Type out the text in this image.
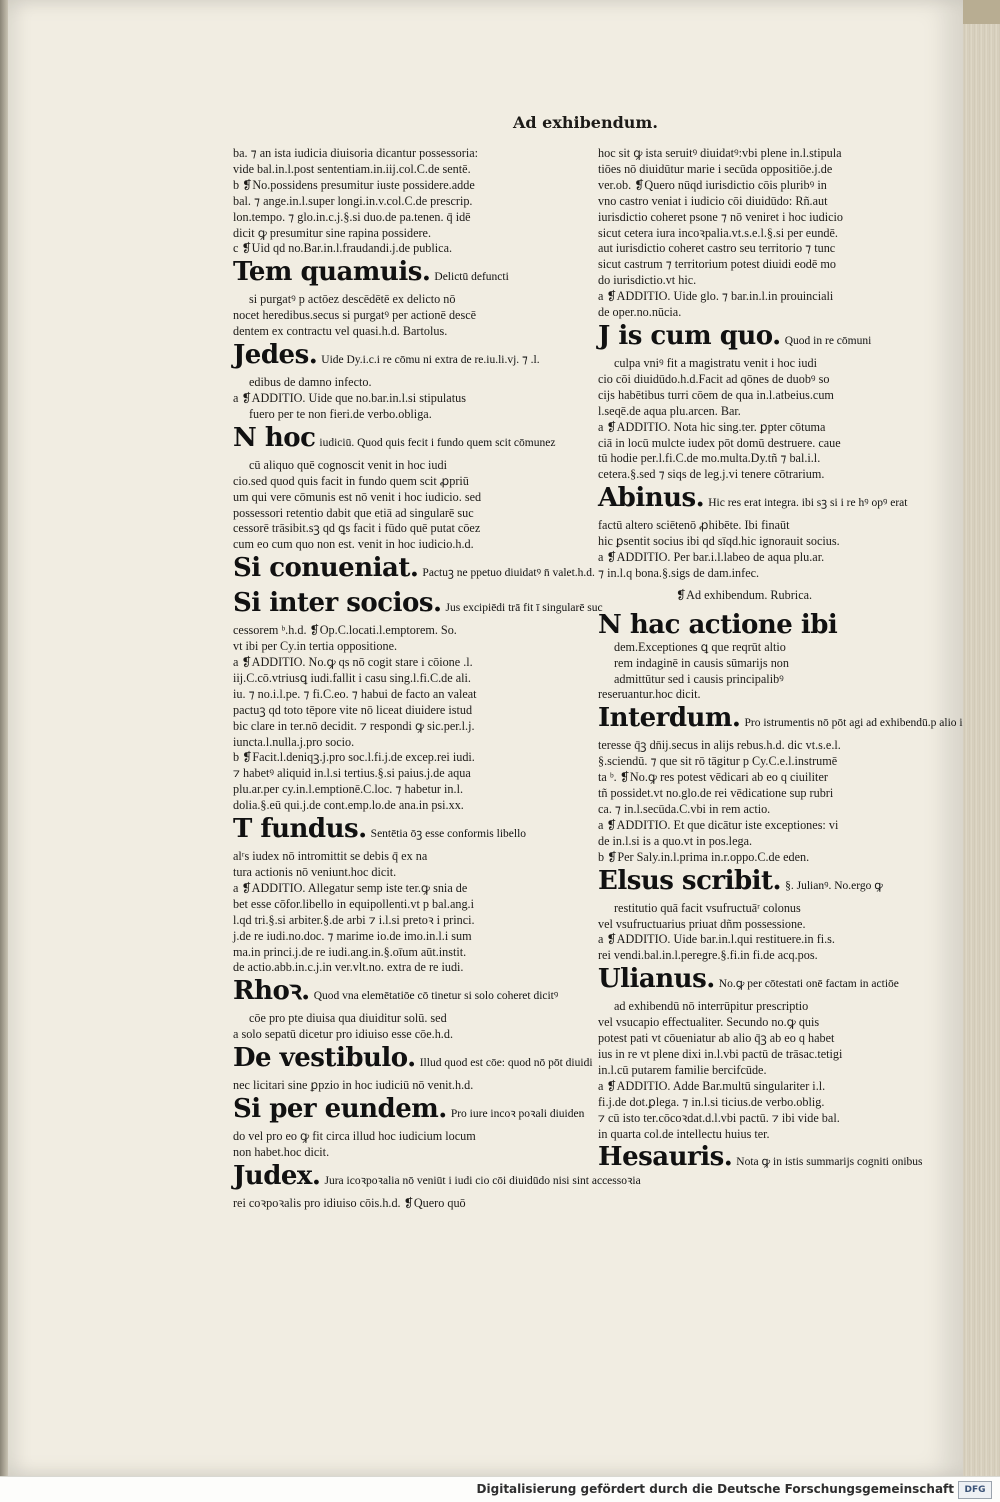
Ad exhibendum.
ba. ⁊ an ista iudicia diuisoria dicantur possessoria:
vide bal.in.l.post sententiam.in.iij.col.C.de sentē.
b ❡No.possidens presumitur iuste possidere.adde
bal. ⁊ ange.in.l.super longi.in.v.col.C.de prescrip.
lon.tempo. ⁊ glo.in.c.j.§.si duo.de pa.tenen. q̄ idē
dicit ꝙ presumitur sine rapina possidere.
c ❡Uid qd no.Bar.in.l.fraudandi.j.de publica.
Tem quamuis. Delictū defuncti
si purgatꝰ p actōez descēdētē ex delicto nō
nocet heredibus.secus si purgatꝰ per actionē descē
dentem ex contractu vel quasi.h.d. Bartolus.
Jedes. Uide Dy.i.c.i re cōmu ni extra de re.iu.li.vj. ⁊ .l.
edibus de damno infecto.
a ❡ADDITIO. Uide que no.bar.in.l.si stipulatus
fuero per te non fieri.de verbo.obliga.
N hoc iudiciū. Quod quis fecit i fundo quem scit cōmunez
cū aliquo quē cognoscit venit in hoc iudi
cio.sed quod quis facit in fundo quem scit ꝓpriū
um qui vere cōmunis est nō venit i hoc iudicio. sed
possessori retentio dabit que etiā ad singularē suc
cessorē trāsibit.sꝫ qd ꝗs facit i fūdo quē putat cōez
cum eo cum quo non est. venit in hoc iudicio.h.d.
Si conueniat. Pactuꝫ ne ppetuo diuidatꝰ n̄ valet.h.d.
Si inter socios. Jus excipiēdi trā fit ī singularē suc
cessorem ᵇ.h.d. ❡Op.C.locati.l.emptorem. So.
vt ibi per Cy.in tertia oppositione.
a ❡ADDITIO. No.ꝙ qs nō cogit stare i cōione .l.
iij.C.cō.vtriusꝗ iudi.fallit i casu sing.l.fi.C.de ali.
iu. ⁊ no.i.l.pe. ⁊ fi.C.eo. ⁊ habui de facto an valeat
pactuꝫ qd toto tēpore vite nō liceat diuidere istud
bic clare in ter.nō decidit. ⁊ respondi ꝙ sic.per.l.j.
iuncta.l.nulla.j.pro socio.
b ❡Facit.l.deniqꝫ.j.pro soc.l.fi.j.de excep.rei iudi.
⁊ habetꝰ aliquid in.l.si tertius.§.si paius.j.de aqua
plu.ar.per cy.in.l.emptionē.C.loc. ⁊ habetur in.l.
dolia.§.eū qui.j.de cont.emp.lo.de ana.in psi.xx.
T fundus. Sentētia ōꝫ esse conformis libello
alʳs iudex nō intromittit se debis q̄ ex na
tura actionis nō veniunt.hoc dicit.
a ❡ADDITIO. Allegatur semp iste ter.ꝙ snia de
bet esse cōfor.libello in equipollenti.vt p bal.ang.i
l.qd tri.§.si arbiter.§.de arbi ⁊ i.l.si pretoꝛ i princi.
j.de re iudi.no.doc. ⁊ marime io.de imo.in.l.i sum
ma.in princi.j.de re iudi.ang.in.§.oīum aūt.instit.
de actio.abb.in.c.j.in ver.vlt.no. extra de re iudi.
Rhoꝛ. Quod vna elemētatiōe cō tinetur si solo coheret dicitꝰ
cōe pro pte diuisa qua diuiditur solū. sed
a solo sepatū dicetur pro idiuiso esse cōe.h.d.
De vestibulo. Illud quod est cōe: quod nō pōt diuidi
nec licitari sine ꝑpzio in hoc iudiciū nō venit.h.d.
Si per eundem. Pro iure incoꝛ poꝛali diuiden
do vel pro eo ꝙ fit circa illud hoc iudicium locum
non habet.hoc dicit.
Judex. Jura icoꝛpoꝛalia nō veniūt i iudi cio cōi diuidūdo nisi sint accessoꝛia
rei coꝛpoꝛalis pro idiuiso cōis.h.d. ❡Quero quō
hoc sit ꝙ ista seruitꝰ diuidatꝰ:vbi plene in.l.stipula
tiōes nō diuidūtur marie i secūda oppositiōe.j.de
ver.ob. ❡Quero nūqd iurisdictio cōis pluribꝰ in
vno castro veniat i iudicio cōi diuidūdo: Rñ.aut
iurisdictio coheret psone ⁊ nō veniret i hoc iudicio
sicut cetera iura incoꝛpalia.vt.s.e.l.§.si per eundē.
aut iurisdictio coheret castro seu territorio ⁊ tunc
sicut castrum ⁊ territorium potest diuidi eodē mo
do iurisdictio.vt hic.
a ❡ADDITIO. Uide glo. ⁊ bar.in.l.in prouinciali
de oper.no.nūcia.
J is cum quo. Quod in re cōmuni
culpa vniꝰ fit a magistratu venit i hoc iudi
cio cōi diuidūdo.h.d.Facit ad qōnes de duobꝰ so
cijs habētibus turri cōem de qua in.l.atbeius.cum
l.seqē.de aqua plu.arcen. Bar.
a ❡ADDITIO. Nota hic sing.ter. ꝑpter cōtuma
ciā in locū mulcte iudex pōt domū destruere. caue
tū hodie per.l.fi.C.de mo.multa.Dy.tñ ⁊ bal.i.l.
cetera.§.sed ⁊ siqs de leg.j.vi tenere cōtrarium.
Abinus. Hic res erat integra. ibi sꝫ si i re hꝰ opꝰ erat
factū altero sciētenō ꝓhibēte. Ibi finaūt
hic ꝑsentit socius ibi qd sīqd.hic ignorauit socius.
a ❡ADDITIO. Per bar.i.l.labeo de aqua plu.ar.
⁊ in.l.q bona.§.sigs de dam.infec.
❡Ad exhibendum. Rubrica.
N hac actione ibi
dem.Exceptiones ꝗ que reqrūt altio
rem indaginē in causis sūmarijs non
admittūtur sed i causis principalibꝰ
reseruantur.hoc dicit.
Interdum. Pro istrumentis nō pōt agi ad exhibendū.p alio i
teresse q̄ꝫ dn̄ij.secus in alijs rebus.h.d. dic vt.s.e.l.
§.sciendū. ⁊ que sit rō tāgitur p Cy.C.e.l.instrumē
ta ᵇ. ❡No.ꝙ res potest vēdicari ab eo q ciuiliter
tñ possidet.vt no.glo.de rei vēdicatione sup rubri
ca. ⁊ in.l.secūda.C.vbi in rem actio.
a ❡ADDITIO. Et que dicātur iste exceptiones: vi
de in.l.si is a quo.vt in pos.lega.
b ❡Per Saly.in.l.prima in.r.oppo.C.de eden.
Elsus scribit. §. Julianꝰ. No.ergo ꝙ
restitutio quā facit vsufructuāʳ colonus
vel vsufructuarius priuat dñm possessione.
a ❡ADDITIO. Uide bar.in.l.qui restituere.in fi.s.
rei vendi.bal.in.l.peregre.§.fi.in fi.de acq.pos.
Ulianus. No.ꝙ per cōtestati onē factam in actiōe
ad exhibendū nō interrūpitur prescriptio
vel vsucapio effectualiter. Secundo no.ꝙ quis
potest pati vt cōueniatur ab alio q̄ꝫ ab eo q habet
ius in re vt plene dixi in.l.vbi pactū de trāsac.tetigi
in.l.cū putarem familie bercifcūde.
a ❡ADDITIO. Adde Bar.multū singulariter i.l.
fi.j.de dot.ꝑlega. ⁊ in.l.si ticius.de verbo.oblig.
⁊ cū isto ter.cōcoꝛdat.d.l.vbi pactū. ⁊ ibi vide bal.
in quarta col.de intellectu huius ter.
Hesauris. Nota ꝙ in istis summarijs cogniti onibus
Digitalisierung gefördert durch die Deutsche Forschungsgemeinschaft	DFG
